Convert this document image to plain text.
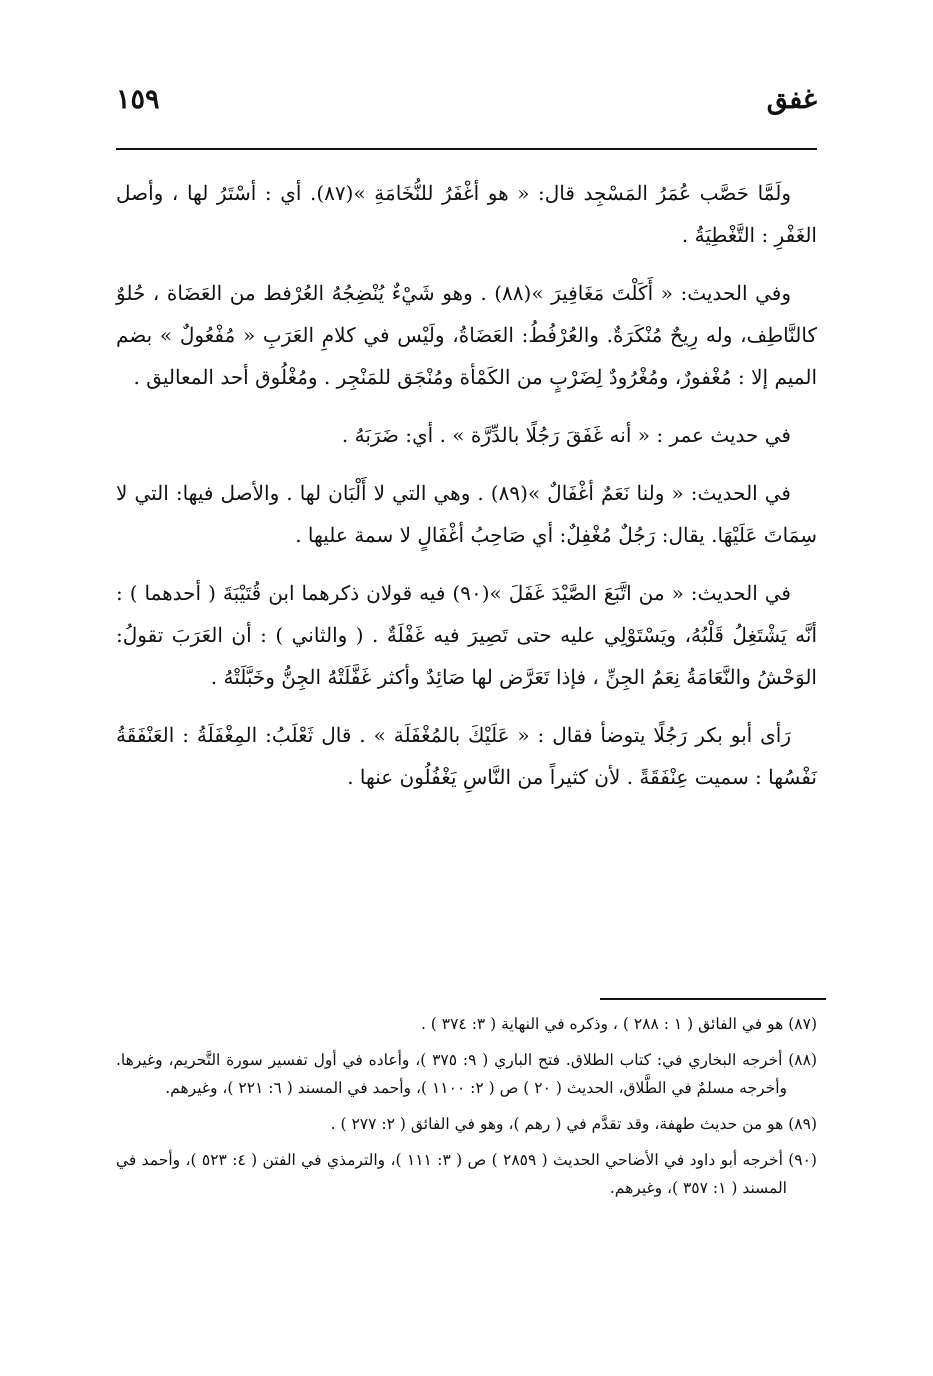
غفق
١٥٩

ولَمَّا حَصَّب عُمَرُ المَسْجِد قال: « هو أغْفَرُ للنُّخَامَةِ »(٨٧). أي : أسْتَرُ لها ، وأصل الغَفْرِ : التَّغْطِيَةُ .

وفي الحديث: « أَكَلْتَ مَغَافِيرَ »(٨٨) . وهو شَيْءٌ يُنْضِجُهُ العُرْفط من العَضَاة ، حُلوٌ كالنَّاطِف، وله رِيحٌ مُنْكَرَةٌ. والعُرْفُطُ: العَضَاةُ، ولَيْس في كلامِ العَرَبِ « مُفْعُولٌ » بضم الميم إلا : مُغْفورٌ، ومُغْرُودٌ لِضَرْبٍ من الكَمْأة ومُنْجَق للمَنْجِر . ومُغْلُوق أحد المعاليق .

في حديث عمر : « أنه غَفَقَ رَجُلًا بالدِّرَّة » . أي: ضَرَبَهُ .

في الحديث: « ولنا نَعَمٌ أغْفَالٌ »(٨٩) . وهي التي لا أَلْبَان لها . والأصل فيها: التي لا سِمَاتَ عَلَيْهَا. يقال: رَجُلٌ مُغْفِلٌ: أي صَاحِبُ أغْفَالٍ لا سمة عليها .

في الحديث: « من اتَّبَعَ الصَّيْدَ غَفَلَ »(٩٠) فيه قولان ذكرهما ابن قُتَيْبَةَ ( أحدهما ) : أنَّه يَشْتَغِلُ قَلْبُهُ، ويَسْتَوْلِي عليه حتى تَصِيرَ فيه غَفْلَةٌ . ( والثاني ) : أن العَرَبَ تقولُ: الوَحْشُ والنَّعَامَةُ نِعَمُ الجِنِّ ، فإذا تَعَرَّض لها صَائِدٌ وأكثر غَفَّلَتْهُ الجِنُّ وخَبَّلَتْهُ .

رَأى أبو بكر رَجُلًا يتوضأ فقال : « عَلَيْكَ بالمُغْفَلَة » . قال ثَعْلَبُ: المِغْفَلَةُ : العَنْفَقَةُ نَفْسُها : سميت عِنْفَقَةً . لأن كثيراً من النَّاسِ يَغْفُلُون عنها .

(٨٧) هو في الفائق ( ١ : ٢٨٨ ) ، وذكره في النهاية ( ٣: ٣٧٤ ) .

(٨٨) أخرجه البخاري في: كتاب الطلاق. فتح الباري ( ٩: ٣٧٥ )، وأعاده في أول تفسير سورة التَّحريم، وغيرها. وأخرجه مسلمٌ في الطَّلاق، الحديث ( ٢٠ ) ص ( ٢: ١١٠٠ )، وأحمد في المسند ( ٦: ٢٢١ )، وغيرهم.

(٨٩) هو من حديث طهفة، وقد تقدَّم في ( رهم )، وهو في الفائق ( ٢: ٢٧٧ ) .

(٩٠) أخرجه أبو داود في الأضاحي الحديث ( ٢٨٥٩ ) ص ( ٣: ١١١ )، والترمذي في الفتن ( ٤: ٥٢٣ )، وأحمد في المسند ( ١: ٣٥٧ )، وغيرهم.
